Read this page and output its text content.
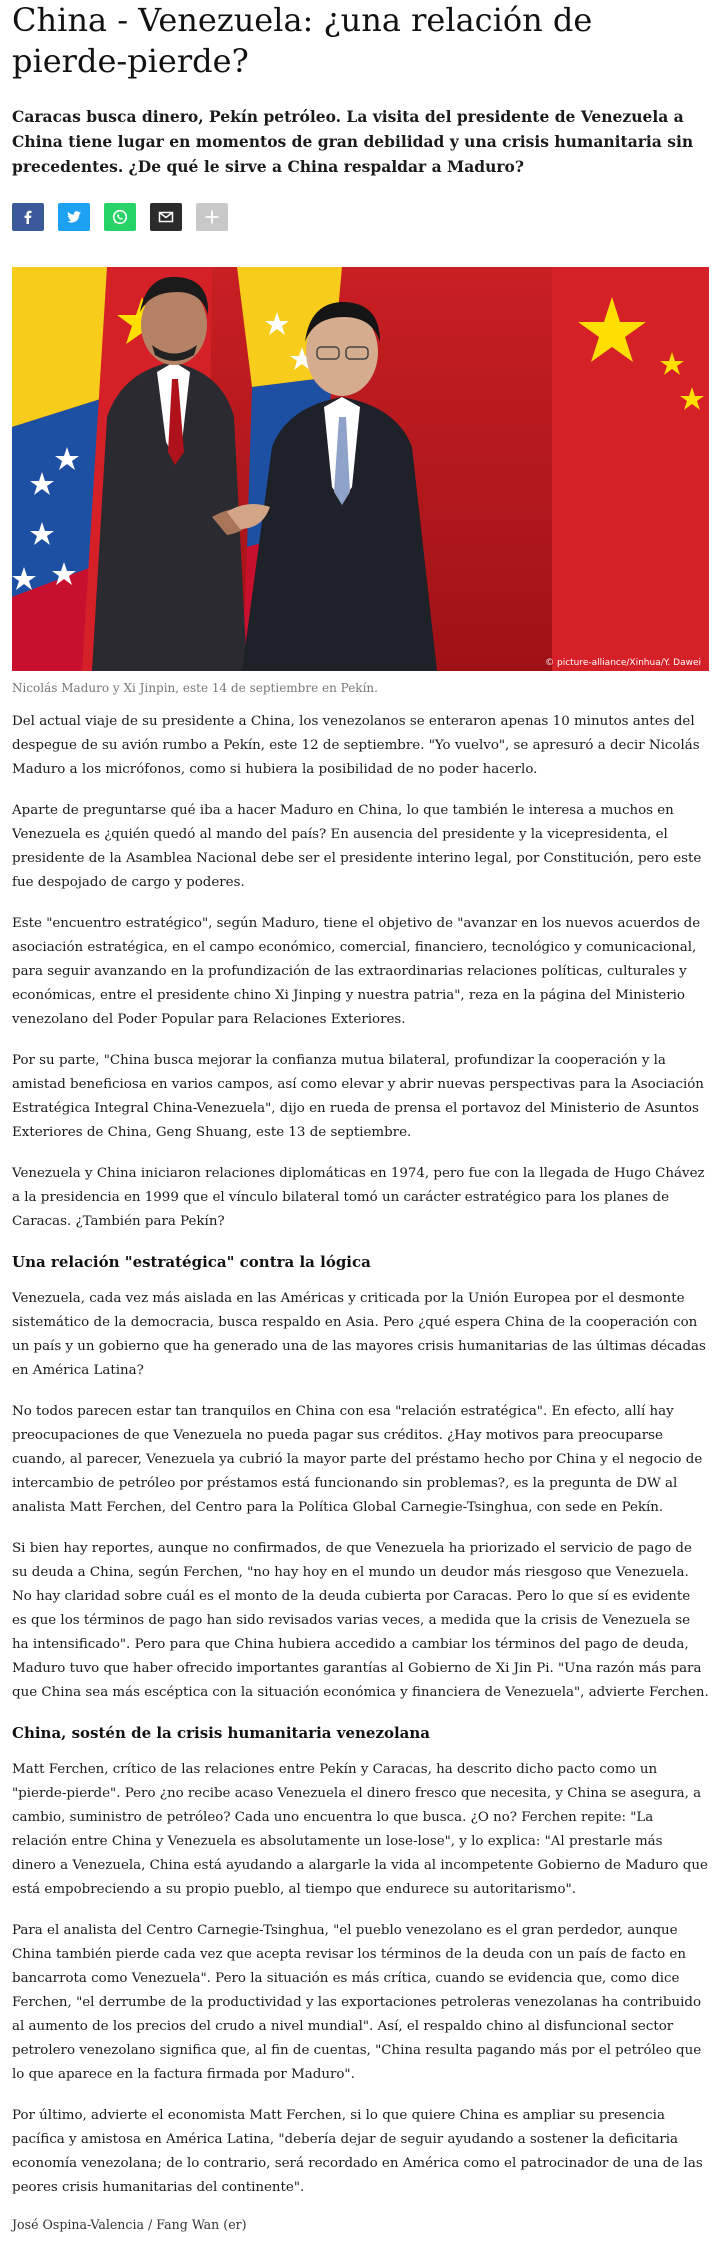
China - Venezuela: ¿una relación de pierde-pierde?

Caracas busca dinero, Pekín petróleo. La visita del presidente de Venezuela a China tiene lugar en momentos de gran debilidad y una crisis humanitaria sin precedentes. ¿De qué le sirve a China respaldar a Maduro?

© picture-alliance/Xinhua/Y. Dawei
Nicolás Maduro y Xi Jinpin, este 14 de septiembre en Pekín.

Del actual viaje de su presidente a China, los venezolanos se enteraron apenas 10 minutos antes del despegue de su avión rumbo a Pekín, este 12 de septiembre. "Yo vuelvo", se apresuró a decir Nicolás Maduro a los micrófonos, como si hubiera la posibilidad de no poder hacerlo.

Aparte de preguntarse qué iba a hacer Maduro en China, lo que también le interesa a muchos en Venezuela es ¿quién quedó al mando del país? En ausencia del presidente y la vicepresidenta, el presidente de la Asamblea Nacional debe ser el presidente interino legal, por Constitución, pero este fue despojado de cargo y poderes.

Este "encuentro estratégico", según Maduro, tiene el objetivo de "avanzar en los nuevos acuerdos de asociación estratégica, en el campo económico, comercial, financiero, tecnológico y comunicacional, para seguir avanzando en la profundización de las extraordinarias relaciones políticas, culturales y económicas, entre el presidente chino Xi Jinping y nuestra patria", reza en la página del Ministerio venezolano del Poder Popular para Relaciones Exteriores.

Por su parte, "China busca mejorar la confianza mutua bilateral, profundizar la cooperación y la amistad beneficiosa en varios campos, así como elevar y abrir nuevas perspectivas para la Asociación Estratégica Integral China-Venezuela", dijo en rueda de prensa el portavoz del Ministerio de Asuntos Exteriores de China, Geng Shuang, este 13 de septiembre.

Venezuela y China iniciaron relaciones diplomáticas en 1974, pero fue con la llegada de Hugo Chávez a la presidencia en 1999 que el vínculo bilateral tomó un carácter estratégico para los planes de Caracas. ¿También para Pekín?

Una relación "estratégica" contra la lógica

Venezuela, cada vez más aislada en las Américas y criticada por la Unión Europea por el desmonte sistemático de la democracia, busca respaldo en Asia. Pero ¿qué espera China de la cooperación con un país y un gobierno que ha generado una de las mayores crisis humanitarias de las últimas décadas en América Latina?

No todos parecen estar tan tranquilos en China con esa "relación estratégica". En efecto, allí hay preocupaciones de que Venezuela no pueda pagar sus créditos. ¿Hay motivos para preocuparse cuando, al parecer, Venezuela ya cubrió la mayor parte del préstamo hecho por China y el negocio de intercambio de petróleo por préstamos está funcionando sin problemas?, es la pregunta de DW al analista Matt Ferchen, del Centro para la Política Global Carnegie-Tsinghua, con sede en Pekín.

Si bien hay reportes, aunque no confirmados, de que Venezuela ha priorizado el servicio de pago de su deuda a China, según Ferchen, "no hay hoy en el mundo un deudor más riesgoso que Venezuela. No hay claridad sobre cuál es el monto de la deuda cubierta por Caracas. Pero lo que sí es evidente es que los términos de pago han sido revisados varias veces, a medida que la crisis de Venezuela se ha intensificado". Pero para que China hubiera accedido a cambiar los términos del pago de deuda, Maduro tuvo que haber ofrecido importantes garantías al Gobierno de Xi Jin Pi. "Una razón más para que China sea más escéptica con la situación económica y financiera de Venezuela", advierte Ferchen.

China, sostén de la crisis humanitaria venezolana

Matt Ferchen, crítico de las relaciones entre Pekín y Caracas, ha descrito dicho pacto como un "pierde-pierde". Pero ¿no recibe acaso Venezuela el dinero fresco que necesita, y China se asegura, a cambio, suministro de petróleo? Cada uno encuentra lo que busca. ¿O no? Ferchen repite: "La relación entre China y Venezuela es absolutamente un lose-lose", y lo explica: "Al prestarle más dinero a Venezuela, China está ayudando a alargarle la vida al incompetente Gobierno de Maduro que está empobreciendo a su propio pueblo, al tiempo que endurece su autoritarismo".

Para el analista del Centro Carnegie-Tsinghua, "el pueblo venezolano es el gran perdedor, aunque China también pierde cada vez que acepta revisar los términos de la deuda con un país de facto en bancarrota como Venezuela". Pero la situación es más crítica, cuando se evidencia que, como dice Ferchen, "el derrumbe de la productividad y las exportaciones petroleras venezolanas ha contribuido al aumento de los precios del crudo a nivel mundial". Así, el respaldo chino al disfuncional sector petrolero venezolano significa que, al fin de cuentas, "China resulta pagando más por el petróleo que lo que aparece en la factura firmada por Maduro".

Por último, advierte el economista Matt Ferchen, si lo que quiere China es ampliar su presencia pacífica y amistosa en América Latina, "debería dejar de seguir ayudando a sostener la deficitaria economía venezolana; de lo contrario, será recordado en América como el patrocinador de una de las peores crisis humanitarias del continente".

José Ospina-Valencia / Fang Wan (er)
